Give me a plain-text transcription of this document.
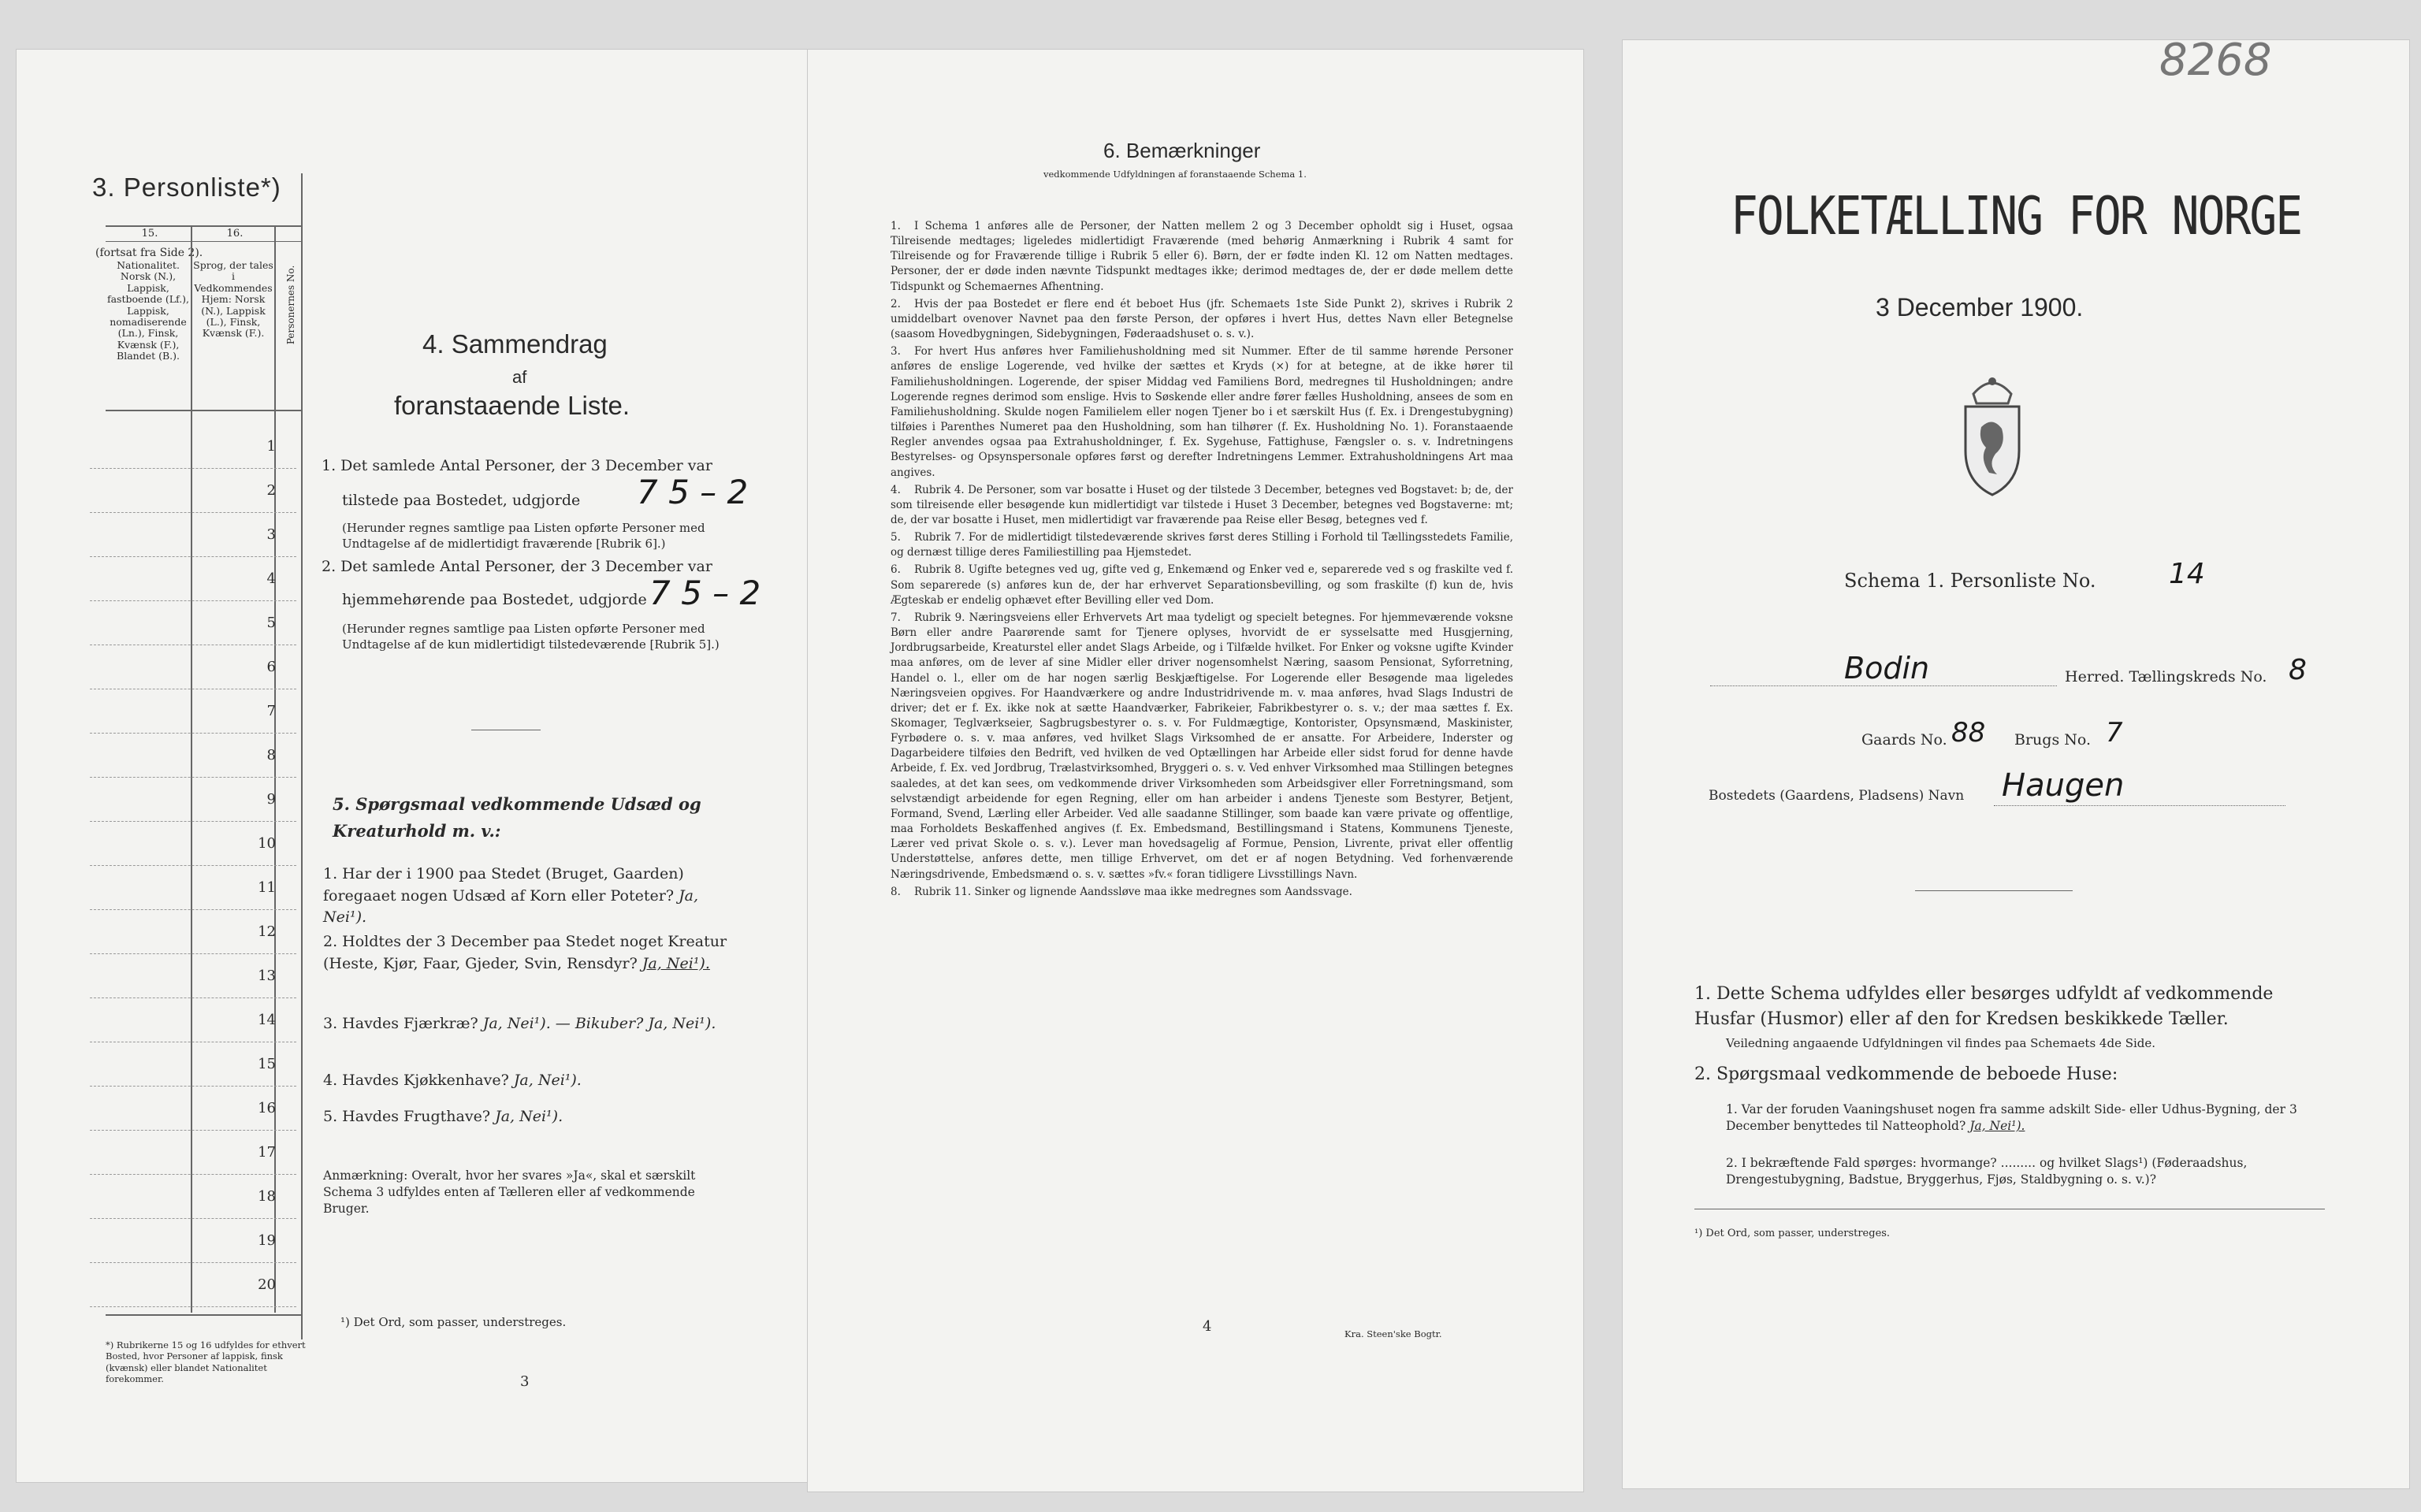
3. Personliste*)
(fortsat fra Side 2).
15.	16.
Nationalitet. Norsk (N.), Lappisk, fastboende (Lf.), Lappisk, nomadiserende (Ln.), Finsk, Kvænsk (F.), Blandet (B.).
Sprog, der tales i Vedkommendes Hjem: Norsk (N.), Lappisk (L.), Finsk, Kvænsk (F.).	Personernes No.
1
2
3
4
5
6
7
8
9
10
11
12
13
14
15
16
17
18
19
20
*) Rubrikerne 15 og 16 udfyldes for ethvert Bosted, hvor Personer af lappisk, finsk (kvænsk) eller blandet Nationalitet forekommer.
4. Sammendrag
af
foranstaaende Liste.
1. Det samlede Antal Personer, der 3 December var
tilstede paa Bostedet, udgjorde 7 5 – 2
(Herunder regnes samtlige paa Listen opførte Personer med Undtagelse af de midlertidigt fraværende [Rubrik 6].)
2. Det samlede Antal Personer, der 3 December var
hjemmehørende paa Bostedet, udgjorde 7 5 – 2
(Herunder regnes samtlige paa Listen opførte Personer med Undtagelse af de kun midlertidigt tilstedeværende [Rubrik 5].)
5. Spørgsmaal vedkommende Udsæd og Kreaturhold m. v.:
1. Har der i 1900 paa Stedet (Bruget, Gaarden) foregaaet nogen Udsæd af Korn eller Poteter? Ja, Nei¹).
2. Holdtes der 3 December paa Stedet noget Kreatur (Heste, Kjør, Faar, Gjeder, Svin, Rensdyr? Ja, Nei¹).
3. Havdes Fjærkræ? Ja, Nei¹). — Bikuber? Ja, Nei¹).
4. Havdes Kjøkkenhave? Ja, Nei¹).
5. Havdes Frugthave? Ja, Nei¹).
Anmærkning: Overalt, hvor her svares »Ja«, skal et særskilt Schema 3 udfyldes enten af Tælleren eller af vedkommende Bruger.
¹) Det Ord, som passer, understreges.
3
6. Bemærkninger
vedkommende Udfyldningen af foranstaaende Schema 1.
1. I Schema 1 anføres alle de Personer, der Natten mellem 2 og 3 December opholdt sig i Huset, ogsaa Tilreisende medtages; ligeledes midlertidigt Fraværende (med behørig Anmærkning i Rubrik 4 samt for Tilreisende og for Fraværende tillige i Rubrik 5 eller 6). Børn, der er fødte inden Kl. 12 om Natten medtages. Personer, der er døde inden nævnte Tidspunkt medtages ikke; derimod medtages de, der er døde mellem dette Tidspunkt og Schemaernes Afhentning.
2. Hvis der paa Bostedet er flere end ét beboet Hus (jfr. Schemaets 1ste Side Punkt 2), skrives i Rubrik 2 umiddelbart ovenover Navnet paa den første Person, der opføres i hvert Hus, dettes Navn eller Betegnelse (saasom Hovedbygningen, Sidebygningen, Føderaadshuset o. s. v.).
3. For hvert Hus anføres hver Familiehusholdning med sit Nummer. Efter de til samme hørende Personer anføres de enslige Logerende, ved hvilke der sættes et Kryds (×) for at betegne, at de ikke hører til Familiehusholdningen. Logerende, der spiser Middag ved Familiens Bord, medregnes til Husholdningen; andre Logerende regnes derimod som enslige. Hvis to Søskende eller andre fører fælles Husholdning, ansees de som en Familiehusholdning. Skulde nogen Familielem eller nogen Tjener bo i et særskilt Hus (f. Ex. i Drengestubygning) tilføies i Parenthes Numeret paa den Husholdning, som han tilhører (f. Ex. Husholdning No. 1). Foranstaaende Regler anvendes ogsaa paa Extrahusholdninger, f. Ex. Sygehuse, Fattighuse, Fængsler o. s. v. Indretningens Bestyrelses- og Opsynspersonale opføres først og derefter Indretningens Lemmer. Extrahusholdningens Art maa angives.
4. Rubrik 4. De Personer, som var bosatte i Huset og der tilstede 3 December, betegnes ved Bogstavet: b; de, der som tilreisende eller besøgende kun midlertidigt var tilstede i Huset 3 December, betegnes ved Bogstaverne: mt; de, der var bosatte i Huset, men midlertidigt var fraværende paa Reise eller Besøg, betegnes ved f.
5. Rubrik 7. For de midlertidigt tilstedeværende skrives først deres Stilling i Forhold til Tællingsstedets Familie, og dernæst tillige deres Familiestilling paa Hjemstedet.
6. Rubrik 8. Ugifte betegnes ved ug, gifte ved g, Enkemænd og Enker ved e, separerede ved s og fraskilte ved f. Som separerede (s) anføres kun de, der har erhvervet Separationsbevilling, og som fraskilte (f) kun de, hvis Ægteskab er endelig ophævet efter Bevilling eller ved Dom.
7. Rubrik 9. Næringsveiens eller Erhvervets Art maa tydeligt og specielt betegnes. For hjemmeværende voksne Børn eller andre Paarørende samt for Tjenere oplyses, hvorvidt de er sysselsatte med Husgjerning, Jordbrugsarbeide, Kreaturstel eller andet Slags Arbeide, og i Tilfælde hvilket. For Enker og voksne ugifte Kvinder maa anføres, om de lever af sine Midler eller driver nogensomhelst Næring, saasom Pensionat, Syforretning, Handel o. l., eller om de har nogen særlig Beskjæftigelse. For Logerende eller Besøgende maa ligeledes Næringsveien opgives. For Haandværkere og andre Industridrivende m. v. maa anføres, hvad Slags Industri de driver; det er f. Ex. ikke nok at sætte Haandværker, Fabrikeier, Fabrikbestyrer o. s. v.; der maa sættes f. Ex. Skomager, Teglværkseier, Sagbrugsbestyrer o. s. v. For Fuldmægtige, Kontorister, Opsynsmænd, Maskinister, Fyrbødere o. s. v. maa anføres, ved hvilket Slags Virksomhed de er ansatte. For Arbeidere, Inderster og Dagarbeidere tilføies den Bedrift, ved hvilken de ved Optællingen har Arbeide eller sidst forud for denne havde Arbeide, f. Ex. ved Jordbrug, Trælastvirksomhed, Bryggeri o. s. v. Ved enhver Virksomhed maa Stillingen betegnes saaledes, at det kan sees, om vedkommende driver Virksomheden som Arbeidsgiver eller Forretningsmand, som selvstændigt arbeidende for egen Regning, eller om han arbeider i andens Tjeneste som Bestyrer, Betjent, Formand, Svend, Lærling eller Arbeider. Ved alle saadanne Stillinger, som baade kan være private og offentlige, maa Forholdets Beskaffenhed angives (f. Ex. Embedsmand, Bestillingsmand i Statens, Kommunens Tjeneste, Lærer ved privat Skole o. s. v.). Lever man hovedsagelig af Formue, Pension, Livrente, privat eller offentlig Understøttelse, anføres dette, men tillige Erhvervet, om det er af nogen Betydning. Ved forhenværende Næringsdrivende, Embedsmænd o. s. v. sættes »fv.« foran tidligere Livsstillings Navn.
8. Rubrik 11. Sinker og lignende Aandssløve maa ikke medregnes som Aandssvage.
4	Kra. Steen'ske Bogtr.
8268
FOLKETÆLLING FOR NORGE
3 December 1900.
Schema 1. Personliste No.	14
Bodin	Herred. Tællingskreds No. 8
Gaards No. 88 Brugs No. 7
Bostedets (Gaardens, Pladsens) Navn Haugen
1. Dette Schema udfyldes eller besørges udfyldt af vedkommende Husfar (Husmor) eller af den for Kredsen beskikkede Tæller.
Veiledning angaaende Udfyldningen vil findes paa Schemaets 4de Side.
2. Spørgsmaal vedkommende de beboede Huse:
1. Var der foruden Vaaningshuset nogen fra samme adskilt Side- eller Udhus-Bygning, der 3 December benyttedes til Natteophold? Ja, Nei¹).
2. I bekræftende Fald spørges: hvormange? ......... og hvilket Slags¹) (Føderaadshus, Drengestubygning, Badstue, Bryggerhus, Fjøs, Staldbygning o. s. v.)?
¹) Det Ord, som passer, understreges.
